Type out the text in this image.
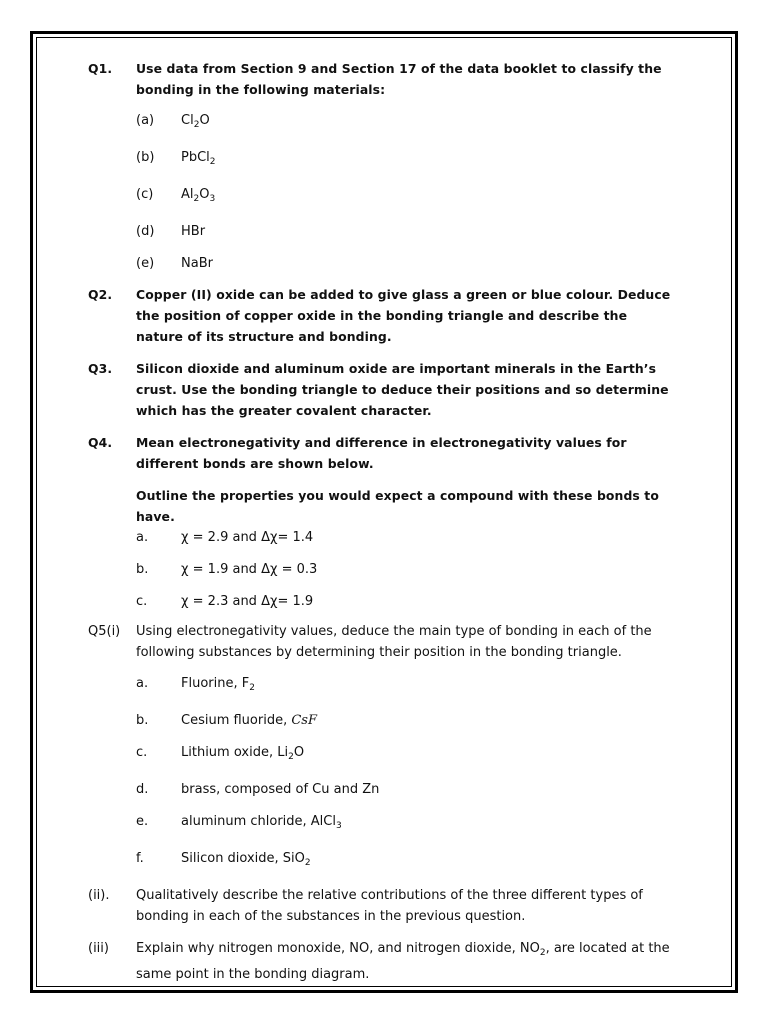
Q1.	Use data from Section 9 and Section 17 of the data booklet to classify the bonding in the following materials:
(a)	$Cl_2O$
(b)	PbCl$_2$
(c)	$Al_2O_3$
(d)	HBr
(e)	NaBr
Q2.	Copper (II) oxide can be added to give glass a green or blue colour. Deduce the position of copper oxide in the bonding triangle and describe the nature of its structure and bonding.
Q3.	Silicon dioxide and aluminum oxide are important minerals in the Earth’s crust. Use the bonding triangle to deduce their positions and so determine which has the greater covalent character.
Q4.	Mean electronegativity and difference in electronegativity values for different bonds are shown below.
Outline the properties you would expect a compound with these bonds to have.
a.	χ = 2.9 and Δχ= 1.4
b.	χ = 1.9 and Δχ = 0.3
c.	χ = 2.3 and Δχ= 1.9
Q5(i)	Using electronegativity values, deduce the main type of bonding in each of the following substances by determining their position in the bonding triangle.
a.	Fluorine, $F_2$
b.	Cesium fluoride, CsF
c.	Lithium oxide, $Li_2O$
d.	brass, composed of Cu and Zn
e.	aluminum chloride, AlCl$_3$
f.	Silicon dioxide, SiO$_2$
(ii).	Qualitatively describe the relative contributions of the three different types of bonding in each of the substances in the previous question.
(iii)	Explain why nitrogen monoxide, NO, and nitrogen dioxide, $NO_2$, are located at the same point in the bonding diagram.
